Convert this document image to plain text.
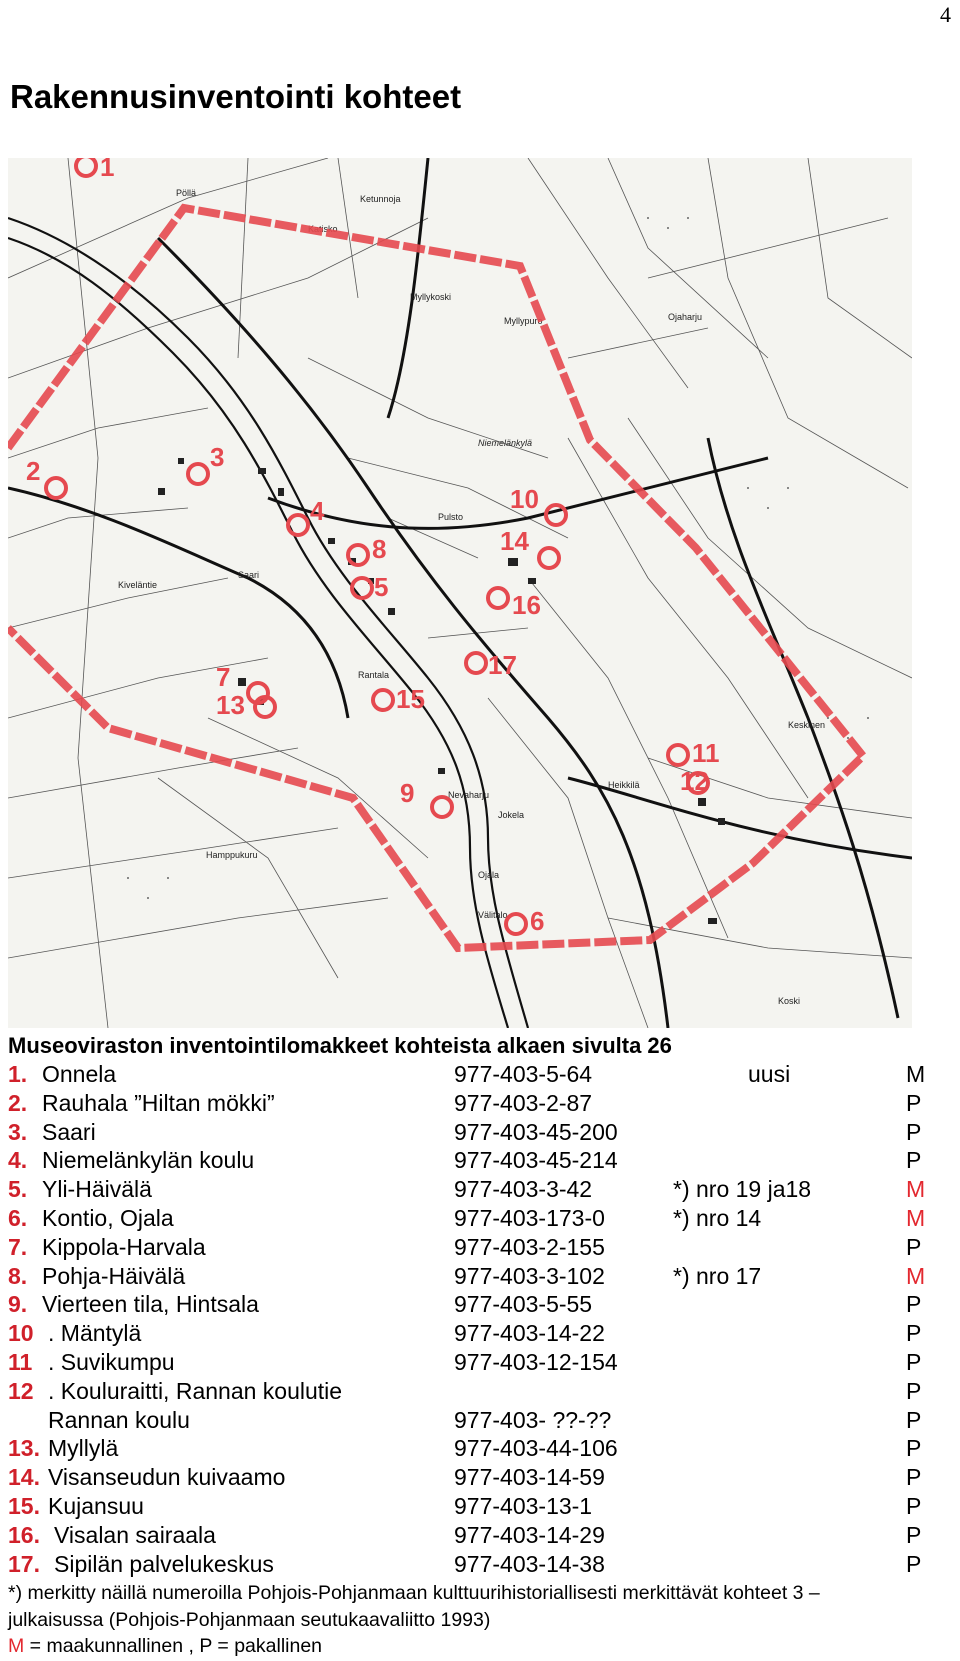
4
Rakennusinventointi kohteet
Pöllä
Ketunnoja
Katisko
Myllykoski
Myllypuro	Ojaharju
Keskinen
Koski
Pulsto
Hamppukuru
Saari
Ojala
Nevaharju
Jokela
Heikkilä
Rantala
Kiveläntie
Välitalo
Niemelänkylä
1
2	3
4
5
6
7
8
9
10
11
12
13
14
15
16
17
Museoviraston inventointilomakkeet kohteista alkaen sivulta 26
1. Onnela	977-403-5-64	uusi	M
2. Rauhala ”Hiltan mökki”	977-403-2-87	P
3. Saari	977-403-45-200	P
4. Niemelänkylän koulu	977-403-45-214	P
5. Yli-Häivälä	977-403-3-42	*) nro 19 ja18	M
6. Kontio, Ojala	977-403-173-0	*) nro 14	M
7. Kippola-Harvala	977-403-2-155	P
8. Pohja-Häivälä	977-403-3-102	*) nro 17	M
9. Vierteen tila, Hintsala	977-403-5-55	P
10 . Mäntylä	977-403-14-22	P
11 . Suvikumpu	977-403-12-154	P
12 . Kouluraitti, Rannan koulutie	P
Rannan koulu	977-403- ??-??	P
13. Myllylä	977-403-44-106	P
14. Visanseudun kuivaamo	977-403-14-59	P
15. Kujansuu	977-403-13-1	P
16. Visalan sairaala	977-403-14-29	P
17. Sipilän palvelukeskus	977-403-14-38	P
*) merkitty näillä numeroilla Pohjois-Pohjanmaan kulttuurihistoriallisesti merkittävät kohteet 3 –
julkaisussa (Pohjois-Pohjanmaan seutukaavaliitto 1993)
M = maakunnallinen , P = pakallinen
